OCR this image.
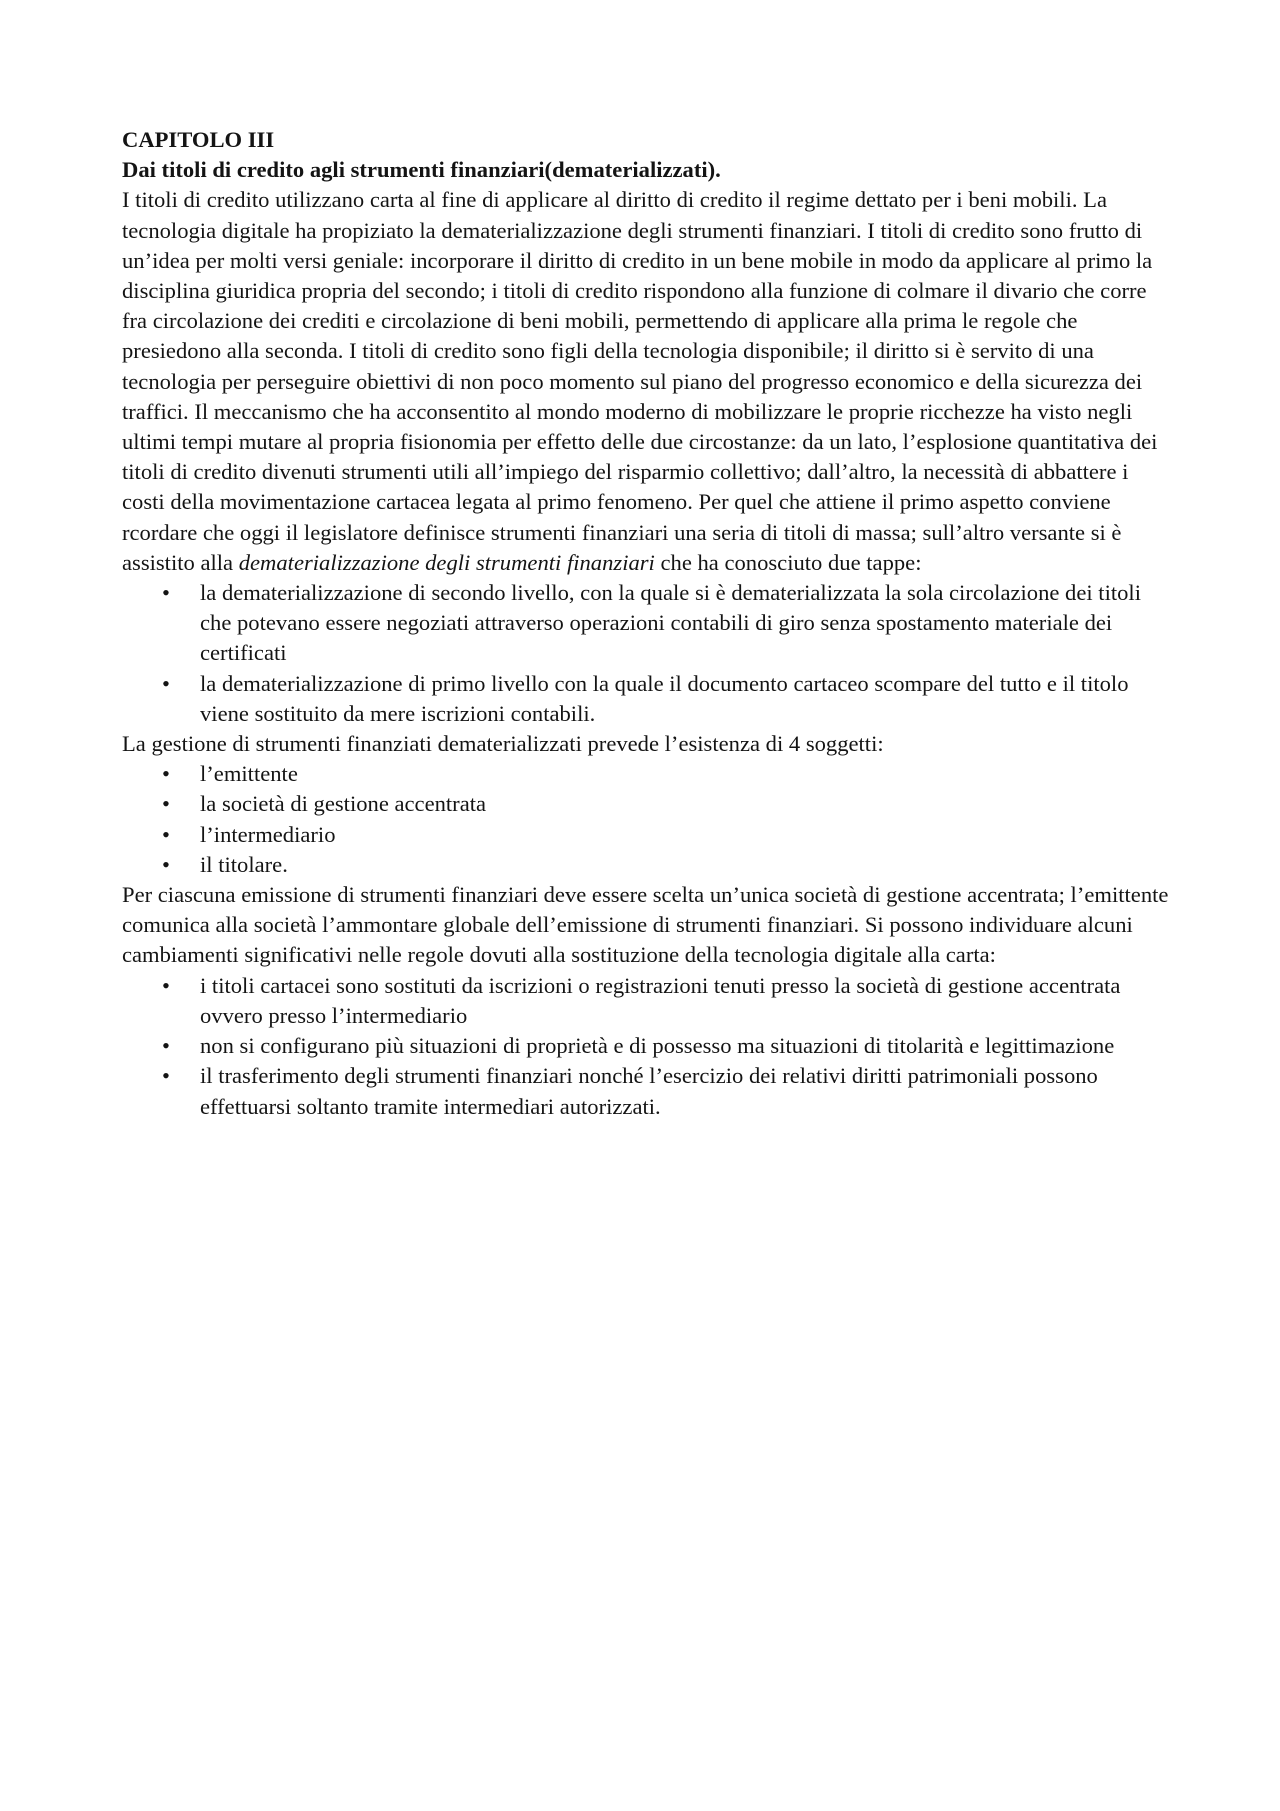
CAPITOLO III

Dai titoli di credito agli strumenti finanziari(dematerializzati).

I titoli di credito utilizzano carta al fine di applicare al diritto di credito il regime dettato per i beni mobili. La tecnologia digitale ha propiziato la dematerializzazione degli strumenti finanziari. I titoli di credito sono frutto di un’idea per molti versi geniale: incorporare il diritto di credito in un bene mobile in modo da applicare al primo la disciplina giuridica propria del secondo; i titoli di credito rispondono alla funzione di colmare il divario che corre fra circolazione dei crediti e circolazione di beni mobili, permettendo di applicare alla prima le regole che presiedono alla seconda. I titoli di credito sono figli della tecnologia disponibile; il diritto si è servito di una tecnologia per perseguire obiettivi di non poco momento sul piano del progresso economico e della sicurezza dei traffici. Il meccanismo che ha acconsentito al mondo moderno di mobilizzare le proprie ricchezze ha visto negli ultimi tempi mutare al propria fisionomia per effetto delle due circostanze: da un lato, l’esplosione quantitativa dei titoli di credito divenuti strumenti utili all’impiego del risparmio collettivo; dall’altro, la necessità di abbattere i costi della movimentazione cartacea legata al primo fenomeno. Per quel che attiene il primo aspetto conviene rcordare che oggi il legislatore definisce strumenti finanziari una seria di titoli di massa; sull’altro versante si è assistito alla dematerializzazione degli strumenti finanziari che ha conosciuto due tappe:

• la dematerializzazione di secondo livello, con la quale si è dematerializzata la sola circolazione dei titoli che potevano essere negoziati attraverso operazioni contabili di giro senza spostamento materiale dei certificati
• la dematerializzazione di primo livello con la quale il documento cartaceo scompare del tutto e il titolo viene sostituito da mere iscrizioni contabili.

La gestione di strumenti finanziati dematerializzati prevede l’esistenza di 4 soggetti:

• l’emittente
• la società di gestione accentrata
• l’intermediario
• il titolare.

Per ciascuna emissione di strumenti finanziari deve essere scelta un’unica società di gestione accentrata; l’emittente comunica alla società l’ammontare globale dell’emissione di strumenti finanziari. Si possono individuare alcuni cambiamenti significativi nelle regole dovuti alla sostituzione della tecnologia digitale alla carta:

• i titoli cartacei sono sostituti da iscrizioni o registrazioni tenuti presso la società di gestione accentrata ovvero presso l’intermediario
• non si configurano più situazioni di proprietà e di possesso ma situazioni di titolarità e legittimazione
• il trasferimento degli strumenti finanziari nonché l’esercizio dei relativi diritti patrimoniali possono effettuarsi soltanto tramite intermediari autorizzati.
